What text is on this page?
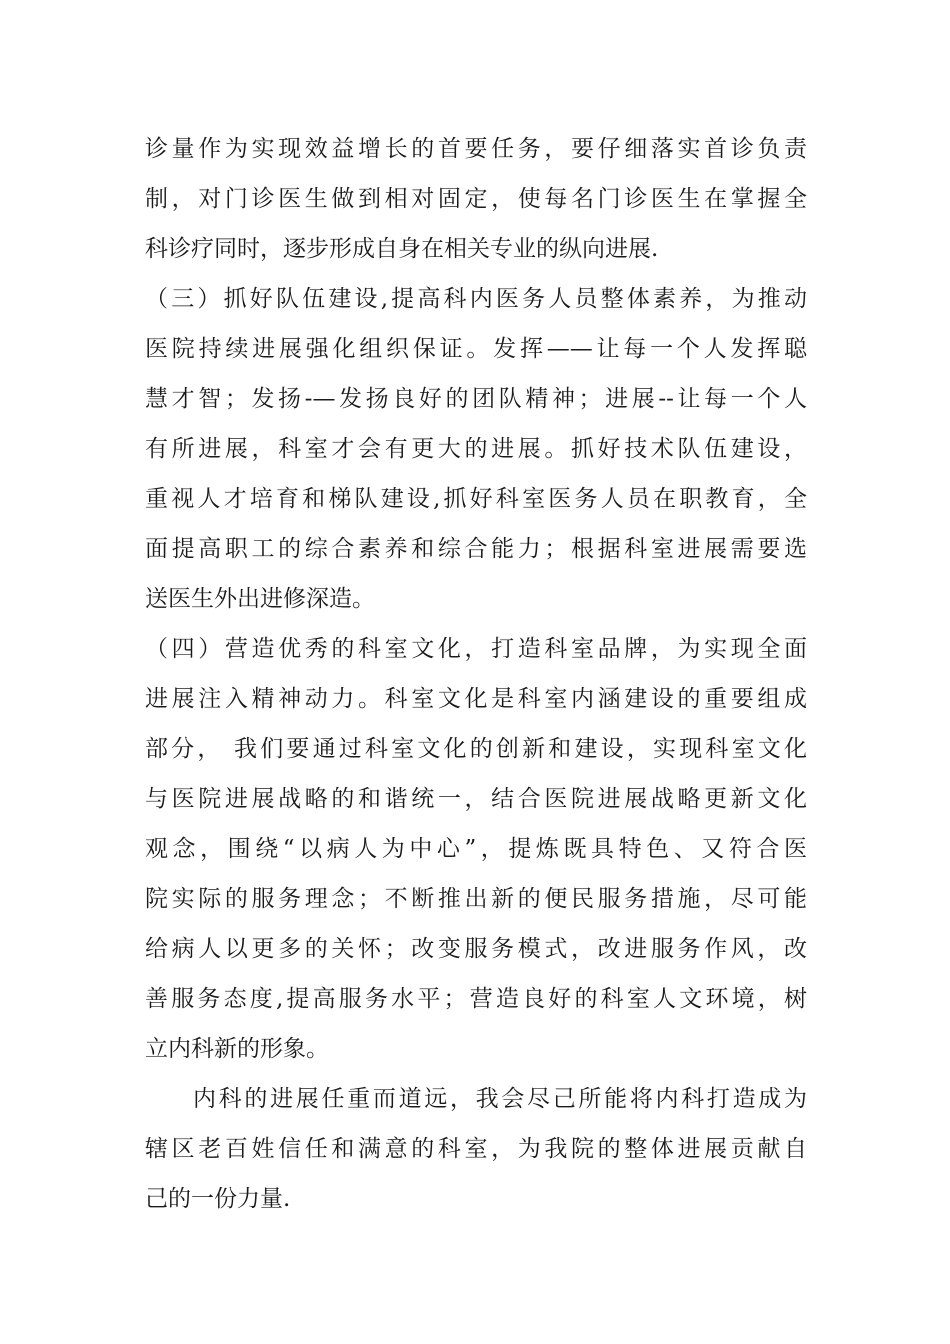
诊量作为实现效益增长的首要任务，要仔细落实首诊负责
制，对门诊医生做到相对固定，使每名门诊医生在掌握全
科诊疗同时，逐步形成自身在相关专业的纵向进展.
（三）抓好队伍建设,提高科内医务人员整体素养，为推动
医院持续进展强化组织保证。发挥——让每一个人发挥聪
慧才智；发扬-—发扬良好的团队精神；进展--让每一个人
有所进展，科室才会有更大的进展。抓好技术队伍建设，
重视人才培育和梯队建设,抓好科室医务人员在职教育，全
面提高职工的综合素养和综合能力；根据科室进展需要选
送医生外出进修深造。
（四）营造优秀的科室文化，打造科室品牌，为实现全面
进展注入精神动力。科室文化是科室内涵建设的重要组成
部分， 我们要通过科室文化的创新和建设，实现科室文化
与医院进展战略的和谐统一，结合医院进展战略更新文化
观念，围绕“以病人为中心”，提炼既具特色、又符合医
院实际的服务理念；不断推出新的便民服务措施，尽可能
给病人以更多的关怀；改变服务模式，改进服务作风，改
善服务态度,提高服务水平；营造良好的科室人文环境，树
立内科新的形象。
内科的进展任重而道远，我会尽己所能将内科打造成为
辖区老百姓信任和满意的科室，为我院的整体进展贡献自
己的一份力量.
